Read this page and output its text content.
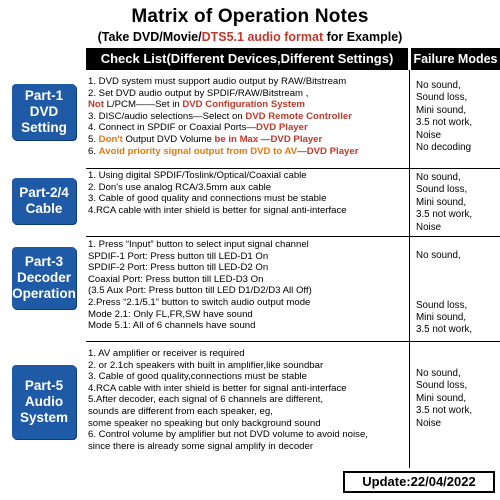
Matrix of Operation Notes
(Take DVD/Movie/DTS5.1 audio format for Example)
Check List(Different Devices,Different Settings)	Failure Modes
Part-1
DVD
Setting
1. DVD system must support audio output by RAW/Bitstream
2. Set DVD audio output by SPDIF/RAW/Bitstream ,
Not L/PCM——Set in DVD Configuration System
3. DISC/audio selections—Select on DVD Remote Controller
4. Connect in SPDIF or Coaxial Ports—DVD Player
5. Don't Output DVD Volume be in Max —DVD Player
6. Avoid priority signal output from DVD to AV—DVD Player
No sound,
Sound loss,
Mini sound,
3.5 not work,
Noise
No decoding
Part-2/4
Cable
1. Using digital SPDIF/Toslink/Optical/Coaxial cable
2. Don's use analog RCA/3.5mm aux cable
3. Cable of good quality and connections must be stable
4.RCA cable with inter shield is better for signal anti-interface
No sound,
Sound loss,
Mini sound,
3.5 not work,
Noise
Part-3
Decoder
Operation
1. Press “Input” button to select input signal channel
SPDIF-1 Port: Press button till LED-D1 On
SPDIF-2 Port: Press button till LED-D2 On
Coaxial Port: Press button till LED-D3 On
(3.5 Aux Port: Press button till LED D1/D2/D3 All Off)
2.Press “2.1/5.1” button to switch audio output mode
Mode 2.1: Only FL,FR,SW have sound
Mode 5.1: All of 6 channels have sound
No sound,

Sound loss,
Mini sound,
3.5 not work,
Part-5
Audio
System
1. AV amplifier or receiver is required
2. or 2.1ch speakers with built in amplifier,like soundbar
3. Cable of good quality,connections must be stable
4.RCA cable with inter shield is better for signal anti-interface
5.After decoder, each signal of 6 channels are different,
sounds are different from each speaker, eg,
some speaker no speaking but only background sound
6. Control volume by amplifier but not DVD volume to avoid noise,
since there is already some signal amplify in decoder
No sound,
Sound loss,
Mini sound,
3.5 not work,
Noise
Update:22/04/2022
